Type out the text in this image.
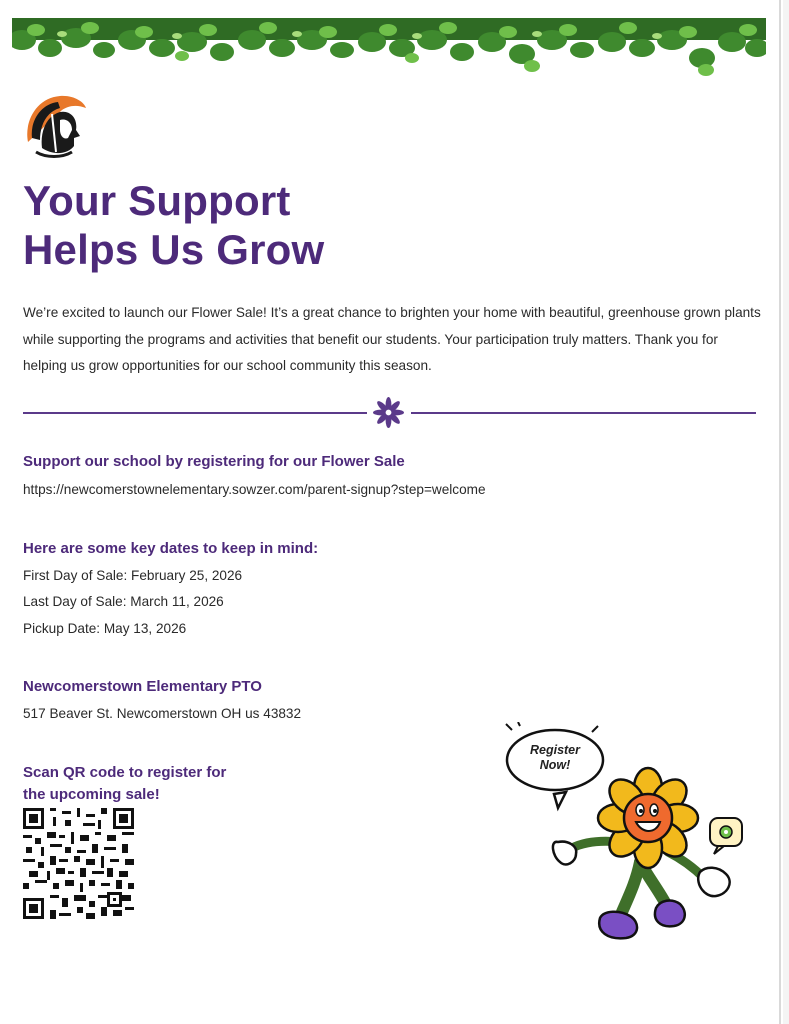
Your Support
Helps Us Grow

We’re excited to launch our Flower Sale! It’s a great chance to brighten your home with beautiful, greenhouse grown plants while supporting the programs and activities that benefit our students. Your participation truly matters. Thank you for helping us grow opportunities for our school community this season.

Support our school by registering for our Flower Sale

https://newcomerstownelementary.sowzer.com/parent-signup?step=welcome

Here are some key dates to keep in mind:

First Day of Sale: February 25, 2026

Last Day of Sale: March 11, 2026

Pickup Date: May 13, 2026

Newcomerstown Elementary PTO

517 Beaver St. Newcomerstown OH us 43832

Scan QR code to register for
the upcoming sale!
Register
Now!
